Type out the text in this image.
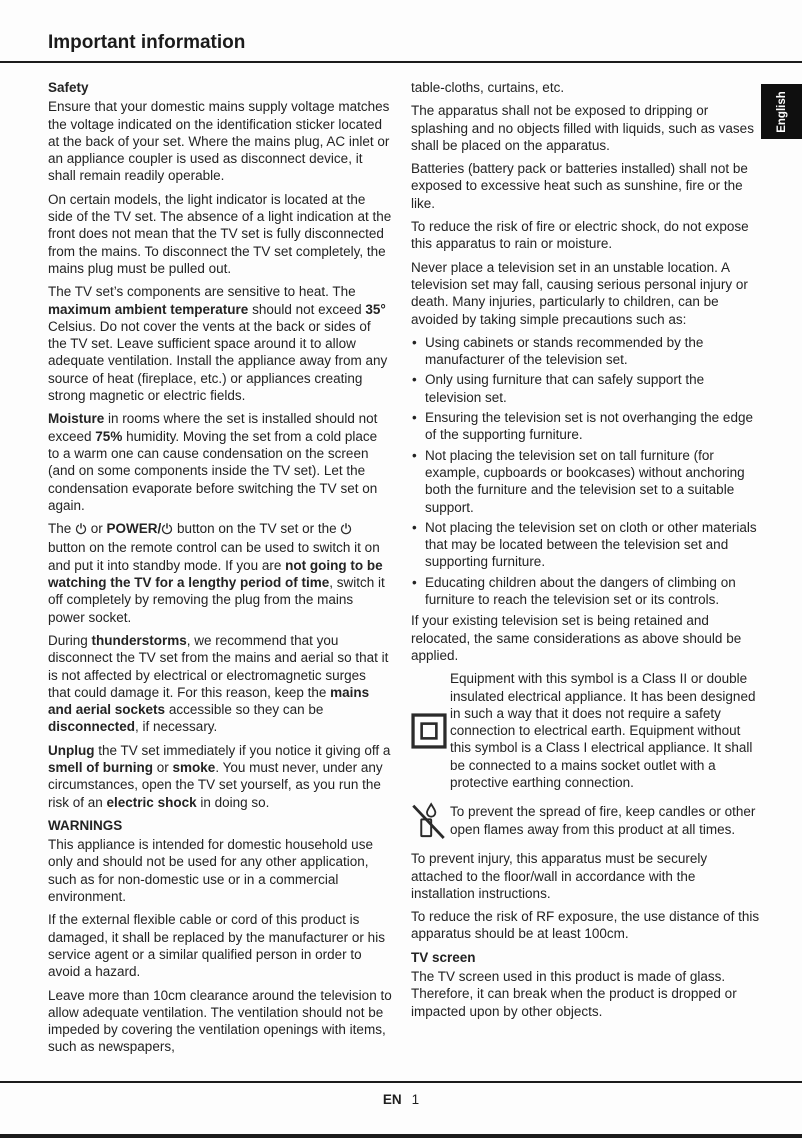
Important information
English
Safety

Ensure that your domestic mains supply voltage matches the voltage indicated on the identification sticker located at the back of your set. Where the mains plug, AC inlet or an appliance coupler is used as disconnect device, it shall remain readily operable.

On certain models, the light indicator is located at the side of the TV set. The absence of a light indication at the front does not mean that the TV set is fully disconnected from the mains. To disconnect the TV set completely, the mains plug must be pulled out.

The TV set’s components are sensitive to heat. The maximum ambient temperature should not exceed 35° Celsius. Do not cover the vents at the back or sides of the TV set. Leave sufficient space around it to allow adequate ventilation. Install the appliance away from any source of heat (fireplace, etc.) or appliances creating strong magnetic or electric fields.

Moisture in rooms where the set is installed should not exceed 75% humidity. Moving the set from a cold place to a warm one can cause condensation on the screen (and on some components inside the TV set). Let the condensation evaporate before switching the TV set on again.

The  or POWER/ button on the TV set or the  button on the remote control can be used to switch it on and put it into standby mode. If you are not going to be watching the TV for a lengthy period of time, switch it off completely by removing the plug from the mains power socket.

During thunderstorms, we recommend that you disconnect the TV set from the mains and aerial so that it is not affected by electrical or electromagnetic surges that could damage it. For this reason, keep the mains and aerial sockets accessible so they can be disconnected, if necessary.

Unplug the TV set immediately if you notice it giving off a smell of burning or smoke. You must never, under any circumstances, open the TV set yourself, as you run the risk of an electric shock in doing so.

WARNINGS

This appliance is intended for domestic household use only and should not be used for any other application, such as for non-domestic use or in a commercial environment.

If the external flexible cable or cord of this product is damaged, it shall be replaced by the manufacturer or his service agent or a similar qualified person in order to avoid a hazard.

Leave more than 10cm clearance around the television to allow adequate ventilation. The ventilation should not be impeded by covering the ventilation openings with items, such as newspapers,

table-cloths, curtains, etc.

The apparatus shall not be exposed to dripping or splashing and no objects filled with liquids, such as vases shall be placed on the apparatus.

Batteries (battery pack or batteries installed) shall not be exposed to excessive heat such as sunshine, fire or the like.

To reduce the risk of fire or electric shock, do not expose this apparatus to rain or moisture.

Never place a television set in an unstable location. A television set may fall, causing serious personal injury or death. Many injuries, particularly to children, can be avoided by taking simple precautions such as:

• Using cabinets or stands recommended by the manufacturer of the television set.
• Only using furniture that can safely support the television set.
• Ensuring the television set is not overhanging the edge of the supporting furniture.
• Not placing the television set on tall furniture (for example, cupboards or bookcases) without anchoring both the furniture and the television set to a suitable support.
• Not placing the television set on cloth or other materials that may be located between the television set and supporting furniture.
• Educating children about the dangers of climbing on furniture to reach the television set or its controls.

If your existing television set is being retained and relocated, the same considerations as above should be applied.

Equipment with this symbol is a Class II or double insulated electrical appliance. It has been designed in such a way that it does not require a safety connection to electrical earth. Equipment without this symbol is a Class I electrical appliance. It shall be connected to a mains socket outlet with a protective earthing connection.
To prevent the spread of fire, keep candles or other open flames away from this product at all times.

To prevent injury, this apparatus must be securely attached to the floor/wall in accordance with the installation instructions.

To reduce the risk of RF exposure, the use distance of this apparatus should be at least 100cm.

TV screen

The TV screen used in this product is made of glass. Therefore, it can break when the product is dropped or impacted upon by other objects.

EN 1
